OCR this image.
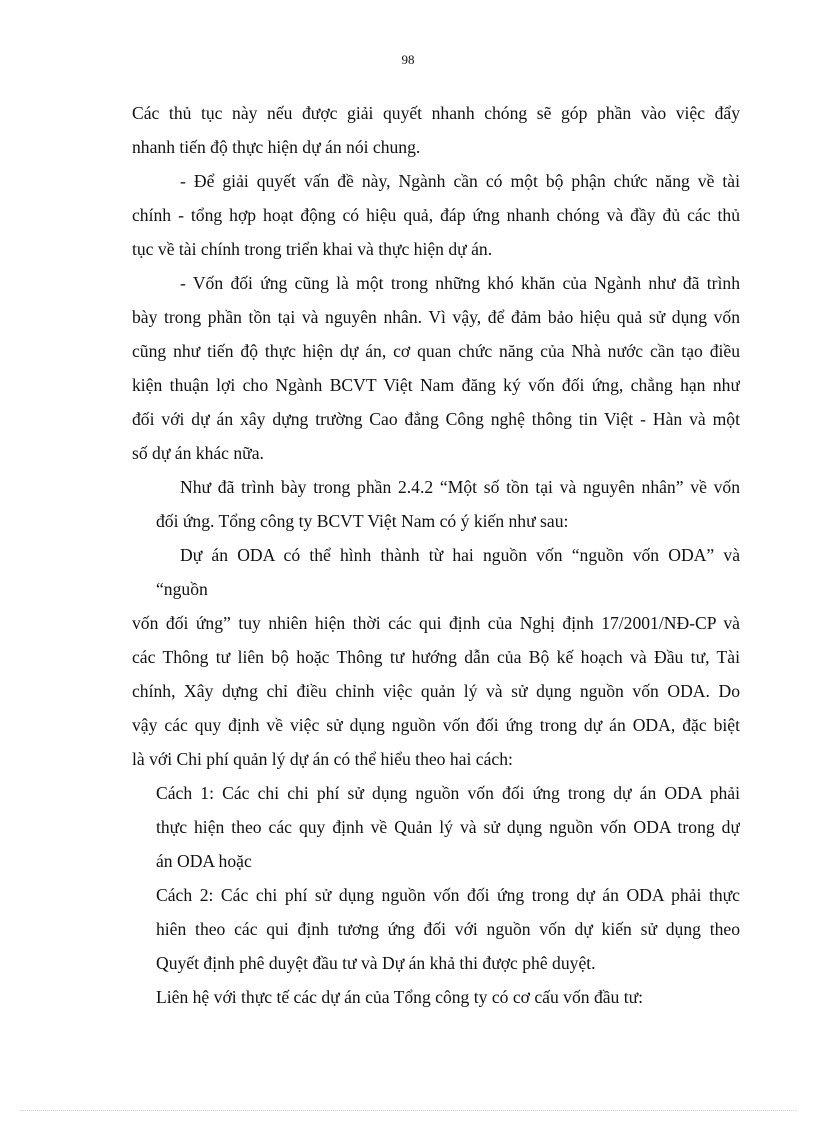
98
Các thủ tục này nếu được giải quyết nhanh chóng sẽ góp phần vào việc đẩy
nhanh tiến độ thực hiện dự án nói chung.
- Để giải quyết vấn đề này, Ngành cần có một bộ phận chức năng về tài
chính - tổng hợp hoạt động có hiệu quả, đáp ứng nhanh chóng và đầy đủ các thủ
tục về tài chính trong triển khai và thực hiện dự án.
- Vốn đối ứng cũng là một trong những khó khăn của Ngành như đã trình
bày trong phần tồn tại và nguyên nhân. Vì vậy, để đảm bảo hiệu quả sử dụng vốn
cũng như tiến độ thực hiện dự án, cơ quan chức năng của Nhà nước cần tạo điều
kiện thuận lợi cho Ngành BCVT Việt Nam đăng ký vốn đối ứng, chẳng hạn như
đối với dự án xây dựng trường Cao đẳng Công nghệ thông tin Việt - Hàn và một
số dự án khác nữa.
Như đã trình bày trong phần 2.4.2 “Một số tồn tại và nguyên nhân” về vốn
đối ứng. Tổng công ty BCVT Việt Nam có ý kiến như sau:
Dự án ODA có thể hình thành từ hai nguồn vốn “nguồn vốn ODA” và
“nguồn
vốn đối ứng” tuy nhiên hiện thời các qui định của Nghị định 17/2001/NĐ-CP và
các Thông tư liên bộ hoặc Thông tư hướng dẫn của Bộ kế hoạch và Đầu tư, Tài
chính, Xây dựng chỉ điều chỉnh việc quản lý và sử dụng nguồn vốn ODA. Do
vậy các quy định về việc sử dụng nguồn vốn đối ứng trong dự án ODA, đặc biệt
là với Chi phí quản lý dự án có thể hiểu theo hai cách:
Cách 1: Các chi chi phí sử dụng nguồn vốn đối ứng trong dự án ODA phải
thực hiện theo các quy định về Quản lý và sử dụng nguồn vốn ODA trong dự
án ODA hoặc
Cách 2: Các chi phí sử dụng nguồn vốn đối ứng trong dự án ODA phải thực
hiên theo các qui định tương ứng đối với nguồn vốn dự kiến sử dụng theo
Quyết định phê duyệt đầu tư và Dự án khả thi được phê duyệt.
Liên hệ với thực tế các dự án của Tổng công ty có cơ cấu vốn đầu tư:
